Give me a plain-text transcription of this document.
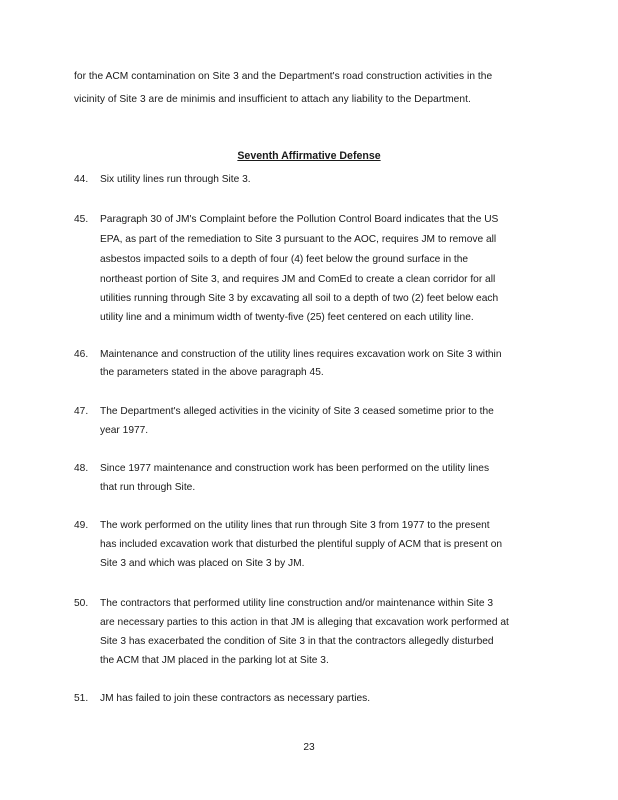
for the ACM contamination on Site 3 and the Department's road construction activities in the
vicinity of Site 3 are de minimis and insufficient to attach any liability to the Department.
Seventh Affirmative Defense
44. Six utility lines run through Site 3.
45. Paragraph 30 of JM's Complaint before the Pollution Control Board indicates that the US
EPA, as part of the remediation to Site 3 pursuant to the AOC, requires JM to remove all
asbestos impacted soils to a depth of four (4) feet below the ground surface in the
northeast portion of Site 3, and requires JM and ComEd to create a clean corridor for all
utilities running through Site 3 by excavating all soil to a depth of two (2) feet below each
utility line and a minimum width of twenty-five (25) feet centered on each utility line.
46. Maintenance and construction of the utility lines requires excavation work on Site 3 within
the parameters stated in the above paragraph 45.
47. The Department's alleged activities in the vicinity of Site 3 ceased sometime prior to the
year 1977.
48. Since 1977 maintenance and construction work has been performed on the utility lines
that run through Site.
49. The work performed on the utility lines that run through Site 3 from 1977 to the present
has included excavation work that disturbed the plentiful supply of ACM that is present on
Site 3 and which was placed on Site 3 by JM.
50. The contractors that performed utility line construction and/or maintenance within Site 3
are necessary parties to this action in that JM is alleging that excavation work performed at
Site 3 has exacerbated the condition of Site 3 in that the contractors allegedly disturbed
the ACM that JM placed in the parking lot at Site 3.
51. JM has failed to join these contractors as necessary parties.
23
